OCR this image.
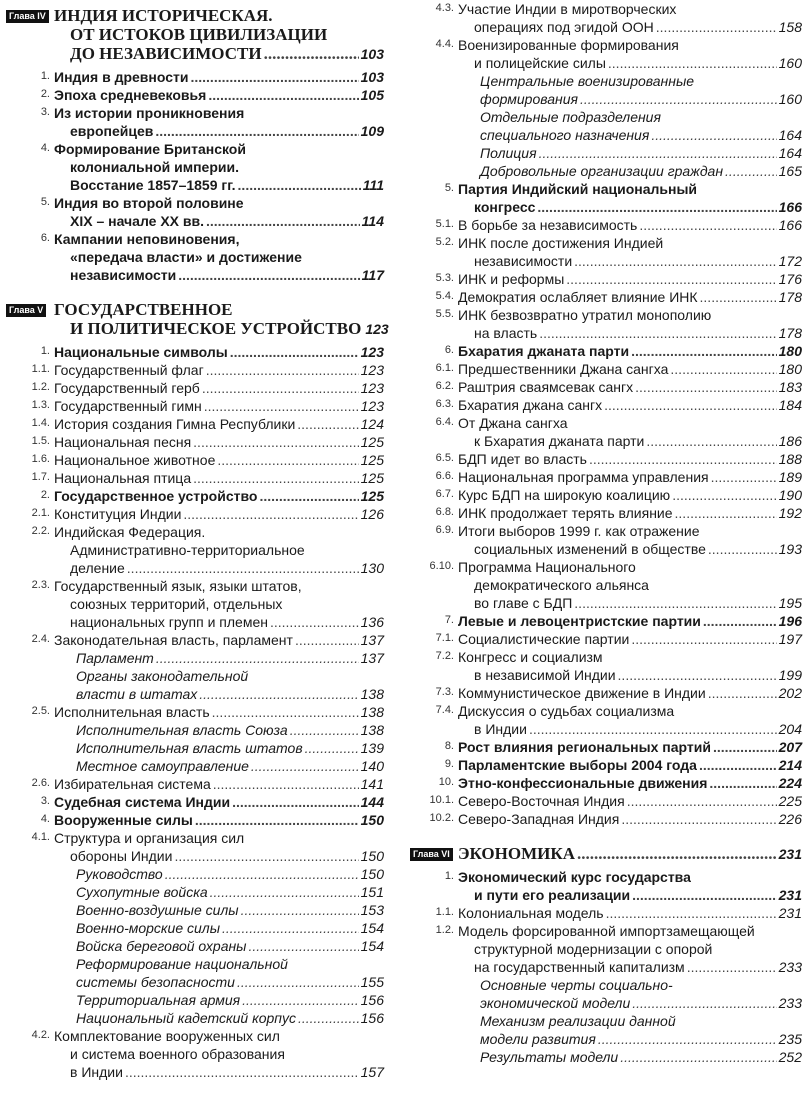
Глава IV ИНДИЯ ИСТОРИЧЕСКАЯ.
ОТ ИСТОКОВ ЦИВИЛИЗАЦИИ
ДО НЕЗАВИСИМОСТИ .....	103
1. Индия в древности .....	103
2. Эпоха средневековья .....	105
3. Из истории проникновения
европейцев .....	109
4. Формирование Британской
колониальной империи.
Восстание 1857–1859 гг. .....	111
5. Индия во второй половине
XIX – начале XX вв. .....	114
6. Кампании неповиновения,
«передача власти» и достижение
независимости .....	117
Глава V ГОСУДАРСТВЕННОЕ
И ПОЛИТИЧЕСКОЕ УСТРОЙСТВО 123
1. Национальные символы .....	123
1.1. Государственный флаг .....	123
1.2. Государственный герб .....	123
1.3. Государственный гимн .....	123
1.4. История создания Гимна Республики .....	124
1.5. Национальная песня .....	125
1.6. Национальное животное .....	125
1.7. Национальная птица .....	125
2. Государственное устройство .....	125
2.1. Конституция Индии .....	126
2.2. Индийская Федерация.
Административно-территориальное
деление .....	130
2.3. Государственный язык, языки штатов,
союзных территорий, отдельных
национальных групп и племен .....	136
2.4. Законодательная власть, парламент .....	137
Парламент .....	137
Органы законодательной
власти в штатах .....	138
2.5. Исполнительная власть .....	138
Исполнительная власть Союза .....	138
Исполнительная власть штатов .....	139
Местное самоуправление .....	140
2.6. Избирательная система .....	141
3. Судебная система Индии .....	144
4. Вооруженные силы .....	150
4.1. Структура и организация сил
обороны Индии .....	150
Руководство .....	150
Сухопутные войска .....	151
Военно-воздушные силы .....	153
Военно-морские силы .....	154
Войска береговой охраны .....	154
Реформирование национальной
системы безопасности .....	155
Территориальная армия .....	156
Национальный кадетский корпус .....	156
4.2. Комплектование вооруженных сил
и система военного образования
в Индии .....	157
4.3. Участие Индии в миротворческих
операциях под эгидой ООН .....	158
4.4. Военизированные формирования
и полицейские силы .....	160
Центральные военизированные
формирования .....	160
Отдельные подразделения
специального назначения .....	164
Полиция .....	164
Добровольные организации граждан .....	165
5. Партия Индийский национальный
конгресс .....	166
5.1. В борьбе за независимость .....	166
5.2. ИНК после достижения Индией
независимости .....	172
5.3. ИНК и реформы .....	176
5.4. Демократия ослабляет влияние ИНК .....	178
5.5. ИНК безвозвратно утратил монополию
на власть .....	178
6. Бхаратия джаната парти .....	180
6.1. Предшественники Джана сангха .....	180
6.2. Раштрия сваямсевак сангх .....	183
6.3. Бхаратия джана сангх .....	184
6.4. От Джана сангха
к Бхаратия джаната парти .....	186
6.5. БДП идет во власть .....	188
6.6. Национальная программа управления .....	189
6.7. Курс БДП на широкую коалицию .....	190
6.8. ИНК продолжает терять влияние .....	192
6.9. Итоги выборов 1999 г. как отражение
социальных изменений в обществе .....	193
6.10. Программа Национального
демократического альянса
во главе с БДП .....	195
7. Левые и левоцентристские партии .....	196
7.1. Социалистические партии .....	197
7.2. Конгресс и социализм
в независимой Индии .....	199
7.3. Коммунистическое движение в Индии .....	202
7.4. Дискуссия о судьбах социализма
в Индии .....	204
8. Рост влияния региональных партий .....	207
9. Парламентские выборы 2004 года .....	214
10. Этно-конфессиональные движения .....	224
10.1. Северо-Восточная Индия .....	225
10.2. Северо-Западная Индия .....	226
Глава VI ЭКОНОМИКА .....	231
1. Экономический курс государства
и пути его реализации .....	231
1.1. Колониальная модель .....	231
1.2. Модель форсированной импортзамещающей
структурной модернизации с опорой
на государственный капитализм .....	233
Основные черты социально-
экономической модели .....	233
Механизм реализации данной
модели развития .....	235
Результаты модели .....	252
